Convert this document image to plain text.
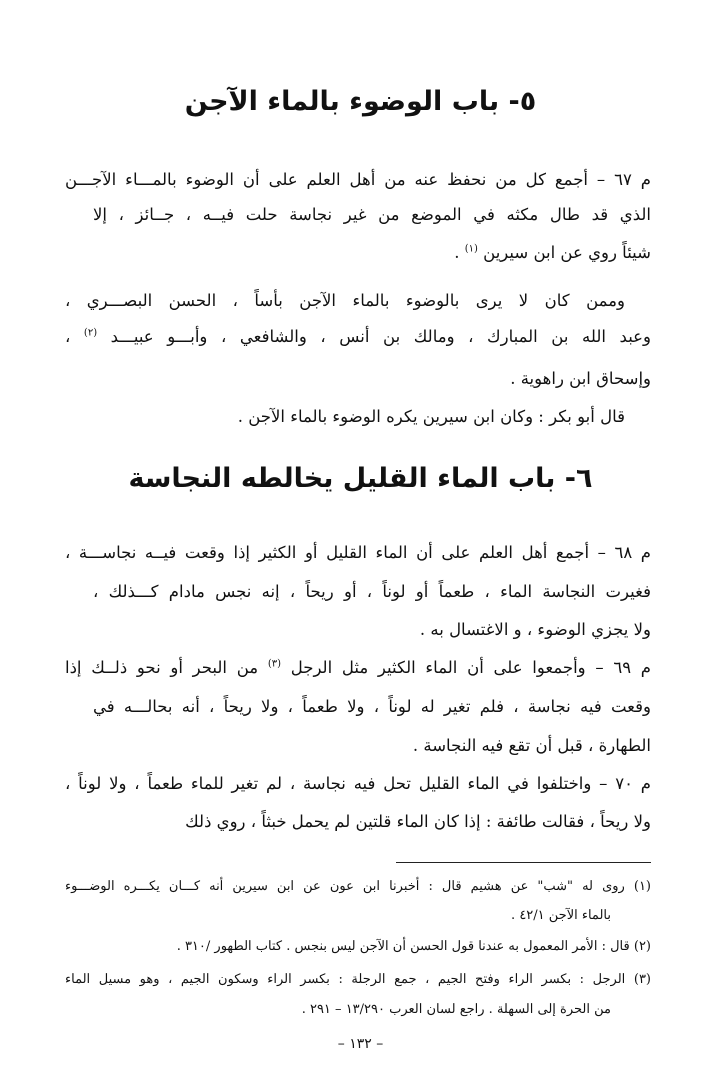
٥- باب الوضوء بالماء الآجن
م ٦٧ – أجمع كل من نحفظ عنه من أهل العلم على أن الوضوء بالمـــاء الآجـــن
الذي قد طال مكثه في الموضع من غير نجاسة حلت فيــه ، جــائز ، إلا
شيئاً روي عن ابن سيرين $^{(١)}$ .
وممن كان لا يرى بالوضوء بالماء الآجن بأساً ، الحسن البصـــري ،
وعبد الله بن المبارك ، ومالك بن أنس ، والشافعي ، وأبـــو عبيـــد $^{(٢)}$ ،
وإسحاق ابن راهوية .
قال أبو بكر : وكان ابن سيرين يكره الوضوء بالماء الآجن .
٦- باب الماء القليل يخالطه النجاسة
م ٦٨ – أجمع أهل العلم على أن الماء القليل أو الكثير إذا وقعت فيــه نجاســـة ،
فغيرت النجاسة الماء ، طعماً أو لوناً ، أو ريحاً ، إنه نجس مادام كـــذلك ،
ولا يجزي الوضوء ، و الاغتسال به .
م ٦٩ – وأجمعوا على أن الماء الكثير مثل الرجل $^{(٣)}$ من البحر أو نحو ذلــك إذا
وقعت فيه نجاسة ، فلم تغير له لوناً ، ولا طعماً ، ولا ريحاً ، أنه بحالـــه في
الطهارة ، قبل أن تقع فيه النجاسة .
م ٧٠ – واختلفوا في الماء القليل تحل فيه نجاسة ، لم تغير للماء طعماً ، ولا لوناً ،
ولا ريحاً ، فقالت طائفة : إذا كان الماء قلتين لم يحمل خبثاً ، روي ذلك
(١) روى له "شب" عن هشيم قال : أخبرنا ابن عون عن ابن سيرين أنه كـــان يكـــره الوضـــوء
بالماء الآجن ٤٢/١ .
(٢) قال : الأمر المعمول به عندنا قول الحسن أن الآجن ليس بنجس . كتاب الطهور /٣١٠ .
(٣) الرجل : بكسر الراء وفتح الجيم ، جمع الرجلة : بكسر الراء وسكون الجيم ، وهو مسيل الماء
من الحرة إلى السهلة . راجع لسان العرب ١٣/٢٩٠ – ٢٩١ .
– ١٣٢ –
